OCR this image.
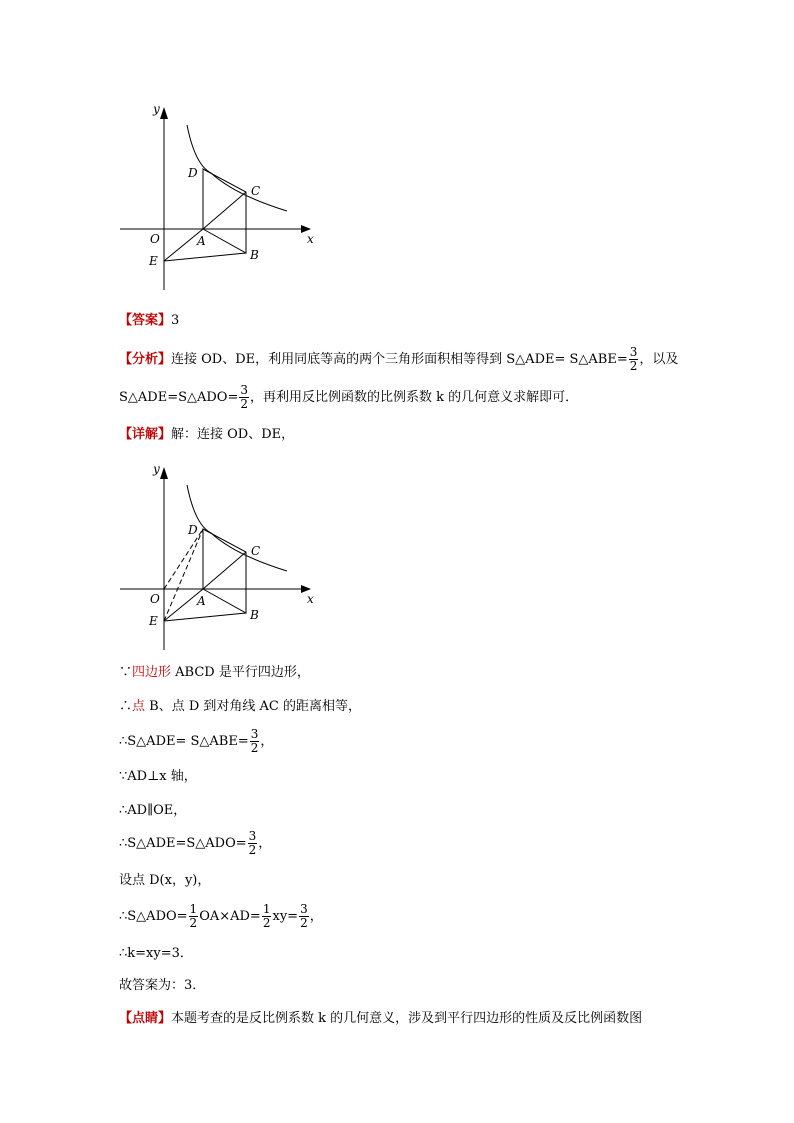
y
x
O	A
B
C
D
E
【答案】3
【分析】连接 OD、DE，利用同底等高的两个三角形面积相等得到 S△ADE= S△ABE= $\frac{3}{2}$ ，以及
S△ADE=S△ADO= $\frac{3}{2}$ ，再利用反比例函数的比例系数 k 的几何意义求解即可．
【详解】解：连接 OD、DE，
y
x
O	A
B
C
D
E
∵四边形 ABCD 是平行四边形，
∴点 B、点 D 到对角线 AC 的距离相等，
∴S△ADE= S△ABE= $\frac{3}{2}$ ，
∵AD⊥x 轴，
∴AD∥OE，
∴S△ADE=S△ADO= $\frac{3}{2}$ ，
设点 D(x，y)，
∴S△ADO= $\frac{1}{2} OA\times AD= \frac{1}{2} xy= \frac{3}{2}$ ，
∴k=xy=3．
故答案为：3．
【点睛】本题考查的是反比例系数 k 的几何意义，涉及到平行四边形的性质及反比例函数图
